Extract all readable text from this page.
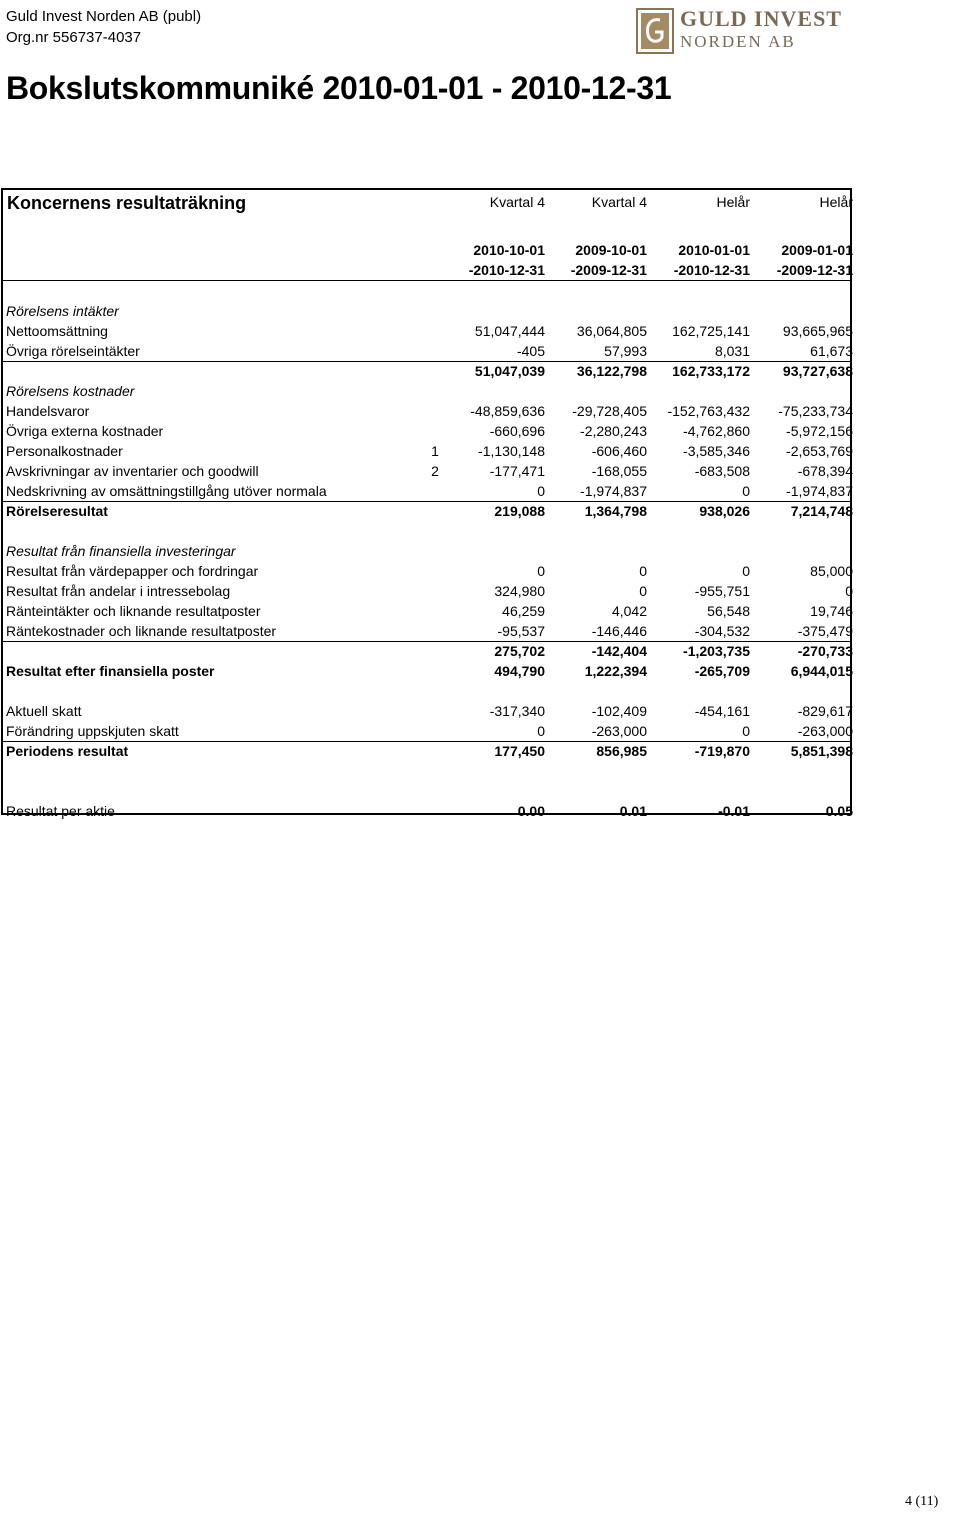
Guld Invest Norden AB (publ)
Org.nr 556737-4037
GULD INVEST
NORDEN AB
Bokslutskommuniké 2010-01-01 - 2010-12-31
Koncernens resultaträkning	Kvartal 4	Kvartal 4	Helår	Helår
2010-10-01	2009-10-01	2010-01-01	2009-01-01
-2010-12-31	-2009-12-31	-2010-12-31	-2009-12-31
Rörelsens intäkter
Nettoomsättning	51,047,444	36,064,805	162,725,141	93,665,965
Övriga rörelseintäkter	-405	57,993	8,031	61,673
51,047,039	36,122,798	162,733,172	93,727,638
Rörelsens kostnader
Handelsvaror	-48,859,636	-29,728,405	-152,763,432	-75,233,734
Övriga externa kostnader	-660,696	-2,280,243	-4,762,860	-5,972,156
Personalkostnader	1	-1,130,148	-606,460	-3,585,346	-2,653,769
Avskrivningar av inventarier och goodwill	2	-177,471	-168,055	-683,508	-678,394
Nedskrivning av omsättningstillgång utöver normala	0	-1,974,837	0	-1,974,837
Rörelseresultat	219,088	1,364,798	938,026	7,214,748
Resultat från finansiella investeringar
Resultat från värdepapper och fordringar	0	0	0	85,000
Resultat från andelar i intressebolag	324,980	0	-955,751	0
Ränteintäkter och liknande resultatposter	46,259	4,042	56,548	19,746
Räntekostnader och liknande resultatposter	-95,537	-146,446	-304,532	-375,479
275,702	-142,404	-1,203,735	-270,733
Resultat efter finansiella poster	494,790	1,222,394	-265,709	6,944,015
Aktuell skatt	-317,340	-102,409	-454,161	-829,617
Förändring uppskjuten skatt	0	-263,000	0	-263,000
Periodens resultat	177,450	856,985	-719,870	5,851,398
Resultat per aktie	0.00	0.01	-0.01	0.05
4 (11)
